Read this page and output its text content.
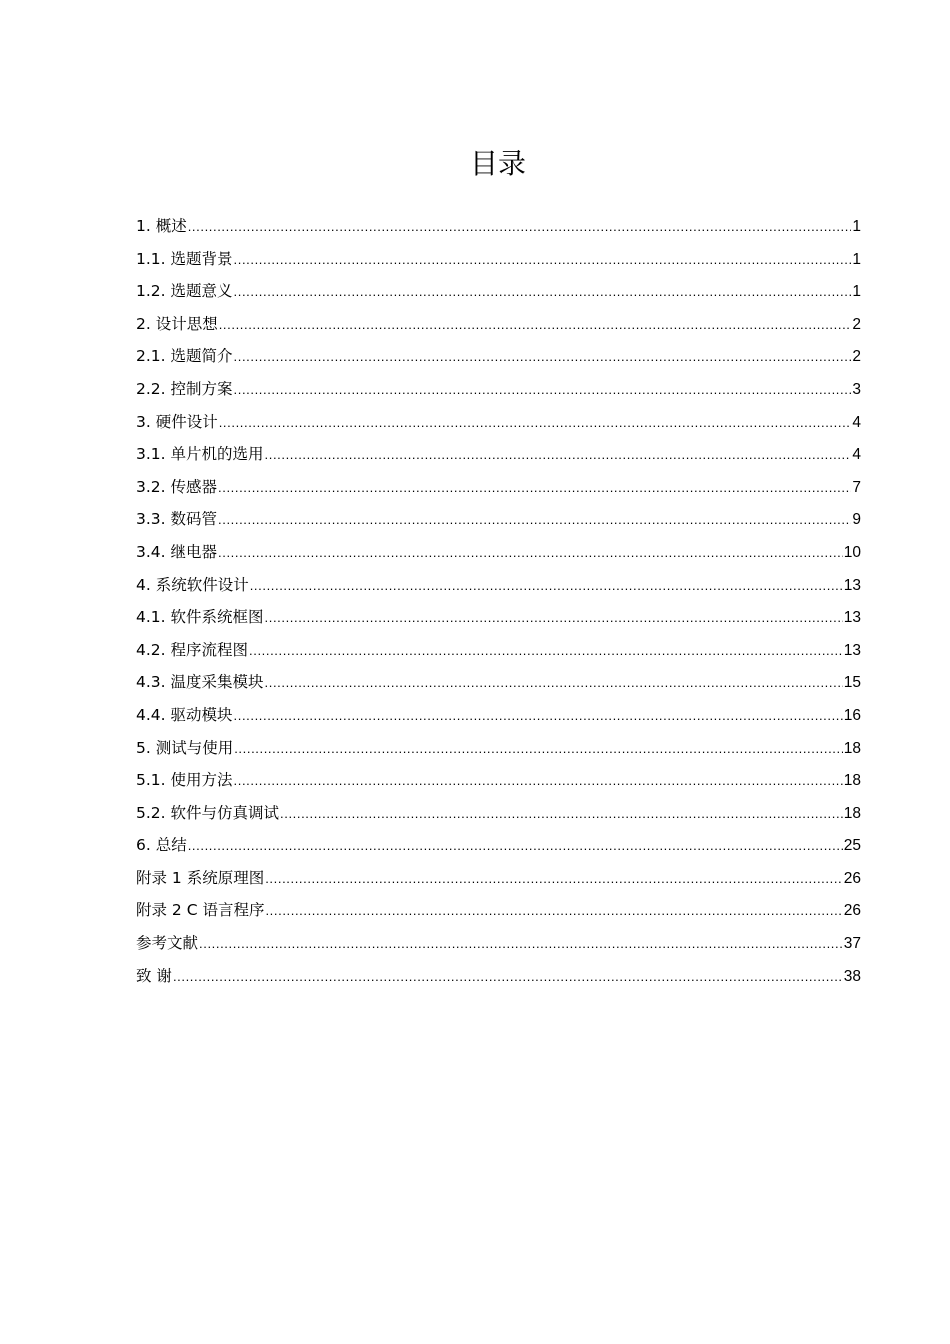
目录
1. 概述 .....	1
1.1. 选题背景 .....	1
1.2. 选题意义 .....	1
2. 设计思想 .....	2
2.1. 选题简介 .....	2
2.2. 控制方案 .....	3
3. 硬件设计 .....	4
3.1. 单片机的选用 .....	4
3.2. 传感器 .....	7
3.3. 数码管 .....	9
3.4. 继电器 .....	10
4. 系统软件设计 .....	13
4.1. 软件系统框图 .....	13
4.2. 程序流程图 .....	13
4.3. 温度采集模块 .....	15
4.4. 驱动模块 .....	16
5. 测试与使用 .....	18
5.1. 使用方法 .....	18
5.2. 软件与仿真调试 .....	18
6. 总结 .....	25
附录 1 系统原理图 .....	26
附录 2 C 语言程序 .....	26
参考文献 .....	37
致 谢 .....	38
